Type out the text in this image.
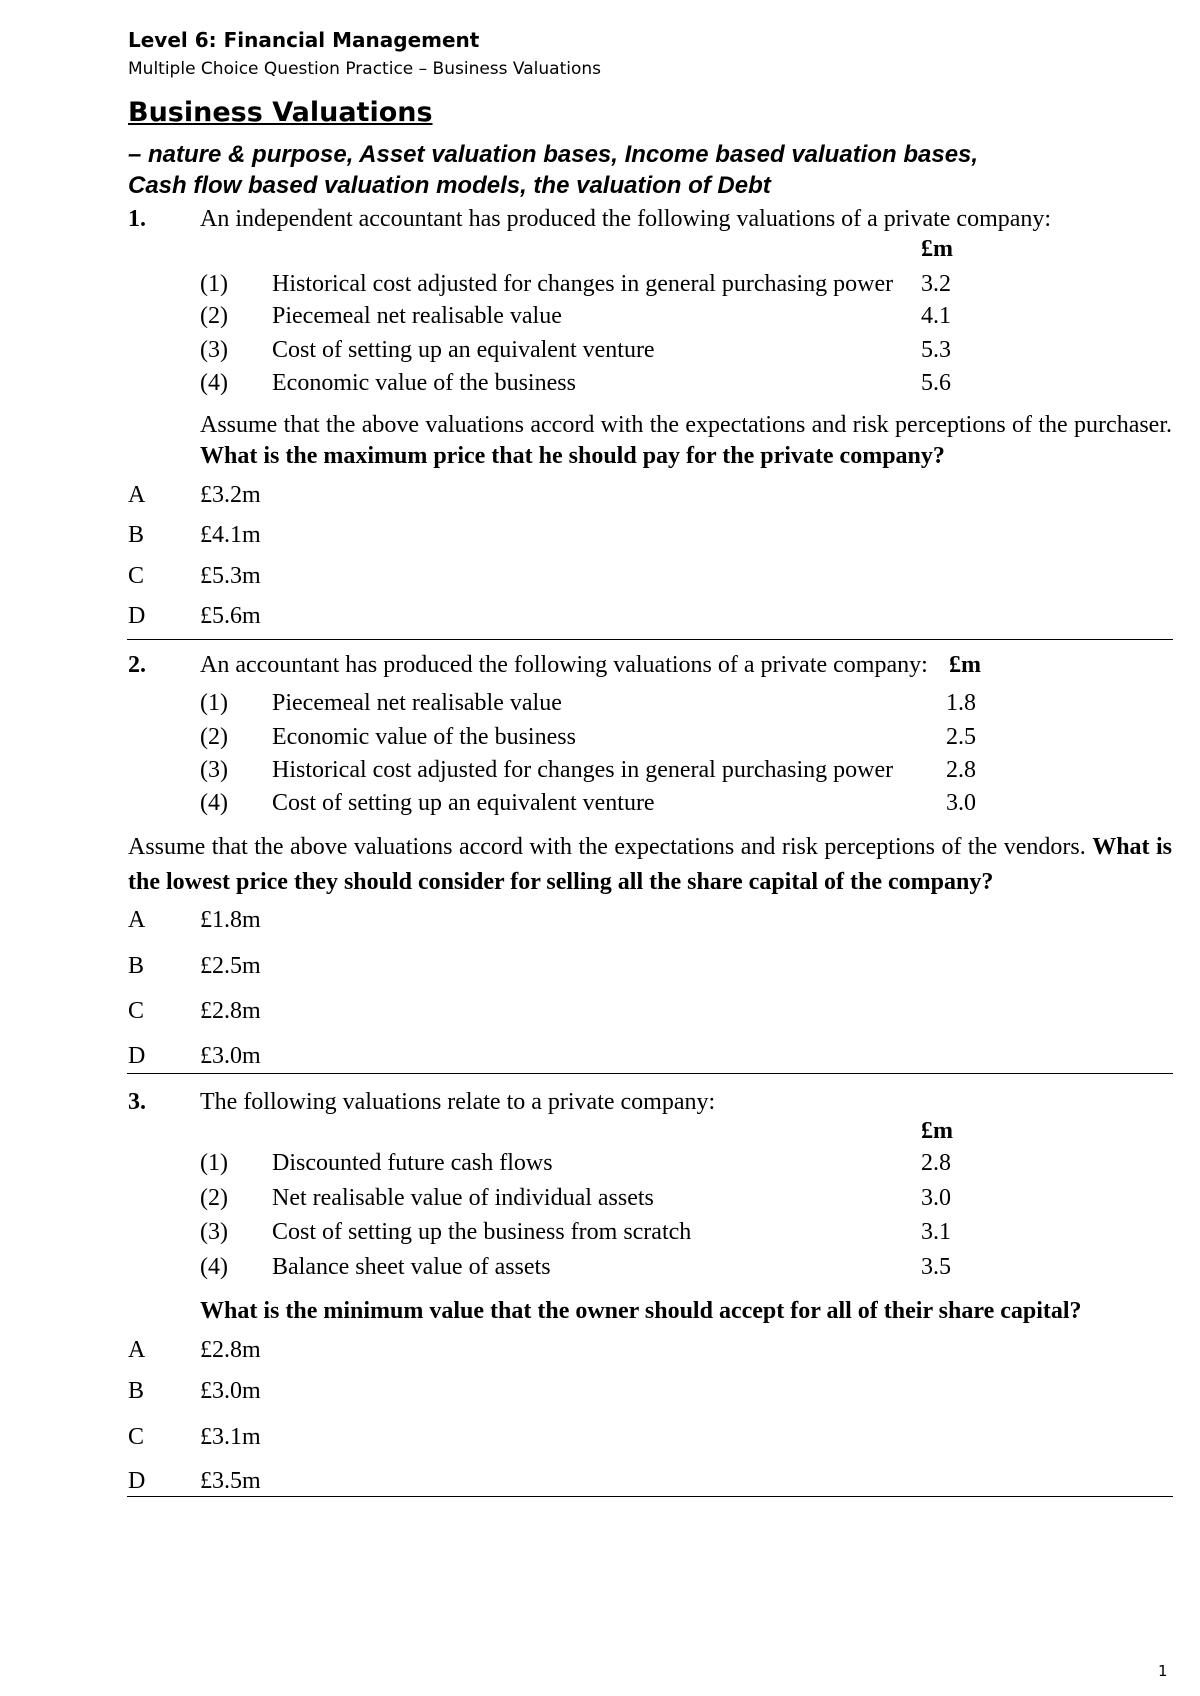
Level 6: Financial Management
Multiple Choice Question Practice – Business Valuations
Business Valuations
– nature & purpose, Asset valuation bases, Income based valuation bases,
Cash flow based valuation models, the valuation of Debt
1. An independent accountant has produced the following valuations of a private company:
£m
(1) Historical cost adjusted for changes in general purchasing power 3.2
(2) Piecemeal net realisable value	4.1
(3) Cost of setting up an equivalent venture	5.3
(4) Economic value of the business	5.6
Assume that the above valuations accord with the expectations and risk perceptions of the purchaser. What is the maximum price that he should pay for the private company?
A £3.2m
B £4.1m
C £5.3m
D £5.6m
2. An accountant has produced the following valuations of a private company: £m
(1) Piecemeal net realisable value	1.8
(2) Economic value of the business	2.5
(3) Historical cost adjusted for changes in general purchasing power 2.8
(4) Cost of setting up an equivalent venture	3.0
Assume that the above valuations accord with the expectations and risk perceptions of the vendors. What is the lowest price they should consider for selling all the share capital of the company?
A £1.8m
B £2.5m
C £2.8m
D £3.0m
3. The following valuations relate to a private company:
£m
(1) Discounted future cash flows	2.8
(2) Net realisable value of individual assets	3.0
(3) Cost of setting up the business from scratch	3.1
(4) Balance sheet value of assets	3.5
What is the minimum value that the owner should accept for all of their share capital?
A £2.8m
B £3.0m
C £3.1m
D £3.5m
1
